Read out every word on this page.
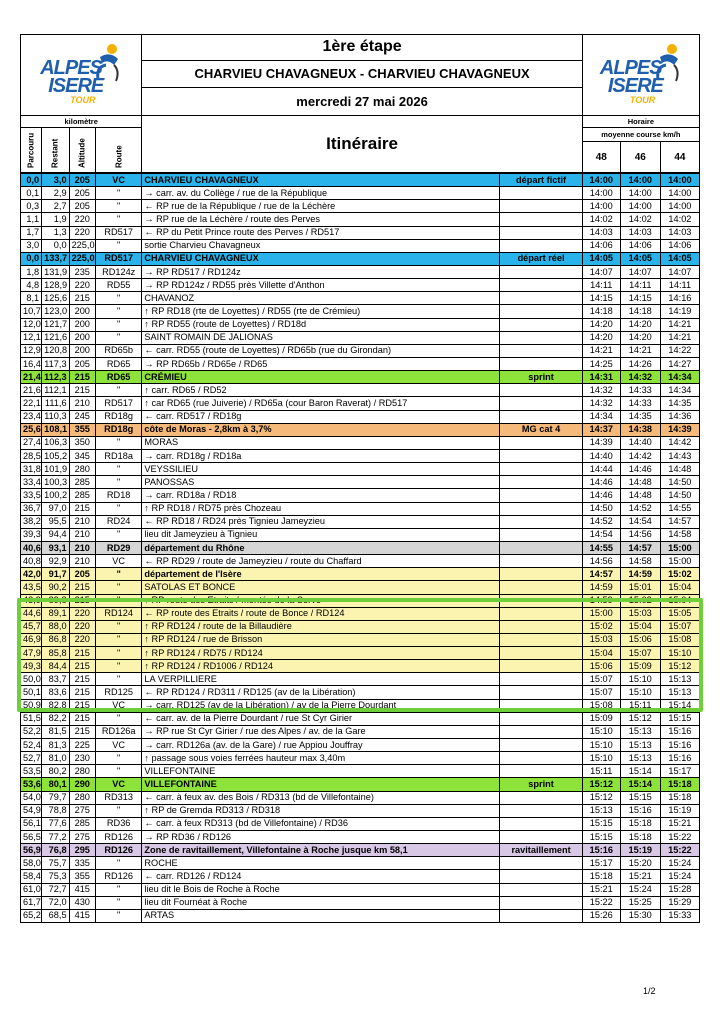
ALPES
ISERE
TOUR				1ère étape	ALPES
ISERE
TOUR		

				CHARVIEU CHAVAGNEUX - CHARVIEU CHAVAGNEUX			
				mercredi 27 mai 2026			
kilomètre				Itinéraire	Horaire		

Parcouru	Restant	Altitude	Route		moyenne course km/h		
					48	46	44
0,0	3,0	205	VC	CHARVIEU CHAVAGNEUX	départ fictif	14:00	14:00	14:00
0,1	2,9	205	"	→ carr. av. du Collège / rue de la République		14:00	14:00	14:00
0,3	2,7	205	"	← RP rue de la République / rue de la Léchère		14:00	14:00	14:00
1,1	1,9	220	"	→ RP rue de la Léchère / route des Perves		14:02	14:02	14:02
1,7	1,3	220	RD517	← RP du Petit Prince route des Perves / RD517		14:03	14:03	14:03
3,0	0,0	225,0	"	sortie Charvieu Chavagneux		14:06	14:06	14:06
0,0	133,7	225,0	RD517	CHARVIEU CHAVAGNEUX	départ réel	14:05	14:05	14:05
1,8	131,9	235	RD124z	→ RP RD517 / RD124z		14:07	14:07	14:07
4,8	128,9	220	RD55	→ RP RD124z / RD55 près Villette d'Anthon		14:11	14:11	14:11
8,1	125,6	215	"	CHAVANOZ		14:15	14:15	14:16
10,7	123,0	200	"	↑ RP RD18 (rte de Loyettes) / RD55 (rte de Crémieu)		14:18	14:18	14:19
12,0	121,7	200	"	↑ RP RD55 (route de Loyettes) / RD18d		14:20	14:20	14:21
12,1	121,6	200	"	SAINT ROMAIN DE JALIONAS		14:20	14:20	14:21
12,9	120,8	200	RD65b	← carr. RD55 (route de Loyettes) / RD65b (rue du Girondan)		14:21	14:21	14:22
16,4	117,3	205	RD65	→ RP RD65b / RD65e / RD65		14:25	14:26	14:27
21,4	112,3	215	RD65	CRÉMIEU	sprint	14:31	14:32	14:34
21,6	112,1	215	"	↑ carr. RD65 / RD52		14:32	14:33	14:34
22,1	111,6	210	RD517	↑ car RD65 (rue Juiverie) / RD65a (cour Baron Raverat) / RD517		14:32	14:33	14:35
23,4	110,3	245	RD18g	← carr. RD517 / RD18g		14:34	14:35	14:36
25,6	108,1	355	RD18g	côte de Moras - 2,8km à 3,7%	MG cat 4	14:37	14:38	14:39
27,4	106,3	350	"	MORAS		14:39	14:40	14:42
28,5	105,2	345	RD18a	→ carr. RD18g / RD18a		14:40	14:42	14:43
31,8	101,9	280	"	VEYSSILIEU		14:44	14:46	14:48
33,4	100,3	285	"	PANOSSAS		14:46	14:48	14:50
33,5	100,2	285	RD18	→ carr. RD18a / RD18		14:46	14:48	14:50
36,7	97,0	215	"	↑ RP RD18 / RD75 près Chozeau		14:50	14:52	14:55
38,2	95,5	210	RD24	← RP RD18 / RD24 près Tignieu Jameyzieu		14:52	14:54	14:57
39,3	94,4	210	"	lieu dit Jameyzieu à Tignieu		14:54	14:56	14:58
40,6	93,1	210	RD29	département du Rhône		14:55	14:57	15:00
40,8	92,9	210	VC	← RP RD29 / route de Jameyzieu / route du Chaffard		14:56	14:58	15:00
42,0	91,7	205	"	département de l'Isère		14:57	14:59	15:02
43,5	90,2	215	"	SATOLAS ET BONCE		14:59	15:01	15:04
43,9	89,8	215	"	↑ RP route des Etraits / montée de la Serve		14:59	15:02	15:04
44,6	89,1	220	RD124	← RP route des Etraits / route de Bonce / RD124		15:00	15:03	15:05
45,7	88,0	220	"	↑ RP RD124 / route de la Billaudière		15:02	15:04	15:07
46,9	86,8	220	"	↑ RP RD124 / rue de Brisson		15:03	15:06	15:08
47,9	85,8	215	"	↑ RP RD124 / RD75 / RD124		15:04	15:07	15:10
49,3	84,4	215	"	↑ RP RD124 / RD1006 / RD124		15:06	15:09	15:12
50,0	83,7	215	"	LA VERPILLIERE		15:07	15:10	15:13
50,1	83,6	215	RD125	← RP RD124 / RD311 / RD125 (av de la Libération)		15:07	15:10	15:13
50,9	82,8	215	VC	→ carr. RD125 (av de la Libération) / av de la Pierre Dourdant		15:08	15:11	15:14
51,5	82,2	215	"	← carr. av. de la Pierre Dourdant / rue St Cyr Girier		15:09	15:12	15:15
52,2	81,5	215	RD126a	→ RP rue St Cyr Girier / rue des Alpes / av. de la Gare		15:10	15:13	15:16
52,4	81,3	225	VC	→ carr. RD126a (av. de la Gare) / rue Appiou Jouffray		15:10	15:13	15:16
52,7	81,0	230	"	↑ passage sous voies ferrées hauteur max 3,40m		15:10	15:13	15:16
53,5	80,2	280	"	VILLEFONTAINE		15:11	15:14	15:17
53,6	80,1	290	VC	VILLEFONTAINE	sprint	15:12	15:14	15:18
54,0	79,7	280	RD313	← carr. à feux av. des Bois / RD313 (bd de Villefontaine)		15:12	15:15	15:18
54,9	78,8	275	"	↑ RP de Gremda RD313 / RD318		15:13	15:16	15:19
56,1	77,6	285	RD36	← carr. à feux RD313 (bd de Villefontaine) / RD36		15:15	15:18	15:21
56,5	77,2	275	RD126	→ RP RD36 / RD126		15:15	15:18	15:22
56,9	76,8	295	RD126	Zone de ravitaillement, Villefontaine à Roche jusque km 58,1	ravitaillement	15:16	15:19	15:22
58,0	75,7	335	"	ROCHE		15:17	15:20	15:24
58,4	75,3	355	RD126	← carr. RD126 / RD124		15:18	15:21	15:24
61,0	72,7	415	"	lieu dit le Bois de Roche à Roche		15:21	15:24	15:28
61,7	72,0	430	"	lieu dit Fournéat à Roche		15:22	15:25	15:29
65,2	68,5	415	"	ARTAS		15:26	15:30	15:33
1/2
